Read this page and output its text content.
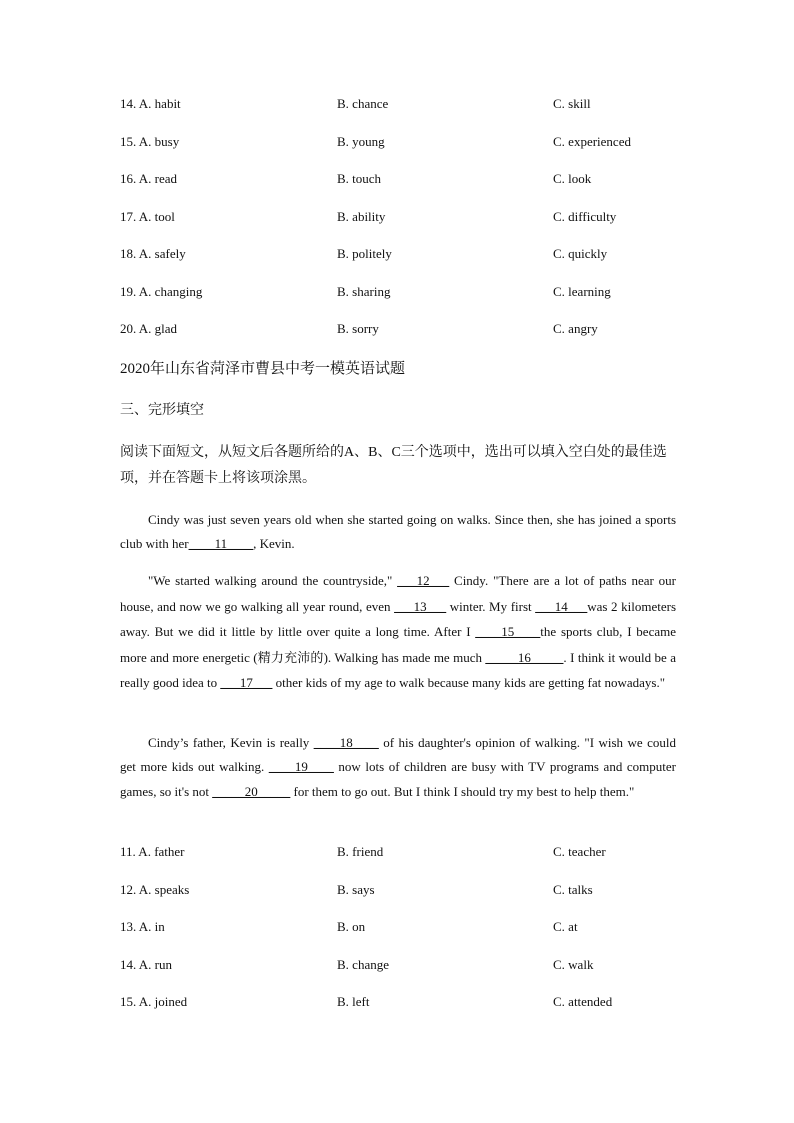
14. A. habit	B. chance	C. skill
15. A. busy	B. young	C. experienced
16. A. read	B. touch	C. look
17. A. tool	B. ability	C. difficulty
18. A. safely	B. politely	C. quickly
19. A. changing	B. sharing	C. learning
20. A. glad	B. sorry	C. angry
2020年山东省菏泽市曹县中考一模英语试题
三、完形填空
阅读下面短文，从短文后各题所给的A、B、C三个选项中，选出可以填入空白处的最佳选项，并在答题卡上将该项涂黑。

Cindy was just seven years old when she started going on walks. Since then, she has joined a sports club with her____11____, Kevin.

"We started walking around the countryside," ___12___ Cindy. "There are a lot of paths near our house, and now we go walking all year round, even ___13___ winter. My first ___14___was 2 kilometers away. But we did it little by little over quite a long time. After I ____15____the sports club, I became more and more energetic (精力充沛的). Walking has made me much _____16_____. I think it would be a really good idea to ___17___ other kids of my age to walk because many kids are getting fat nowadays."

Cindy’s father, Kevin is really ____18____ of his daughter's opinion of walking. "I wish we could get more kids out walking. ____19____ now lots of children are busy with TV programs and computer games, so it's not _____20_____ for them to go out. But I think I should try my best to help them."

11. A. father	B. friend	C. teacher
12. A. speaks	B. says	C. talks
13. A. in	B. on	C. at
14. A. run	B. change	C. walk
15. A. joined	B. left	C. attended
